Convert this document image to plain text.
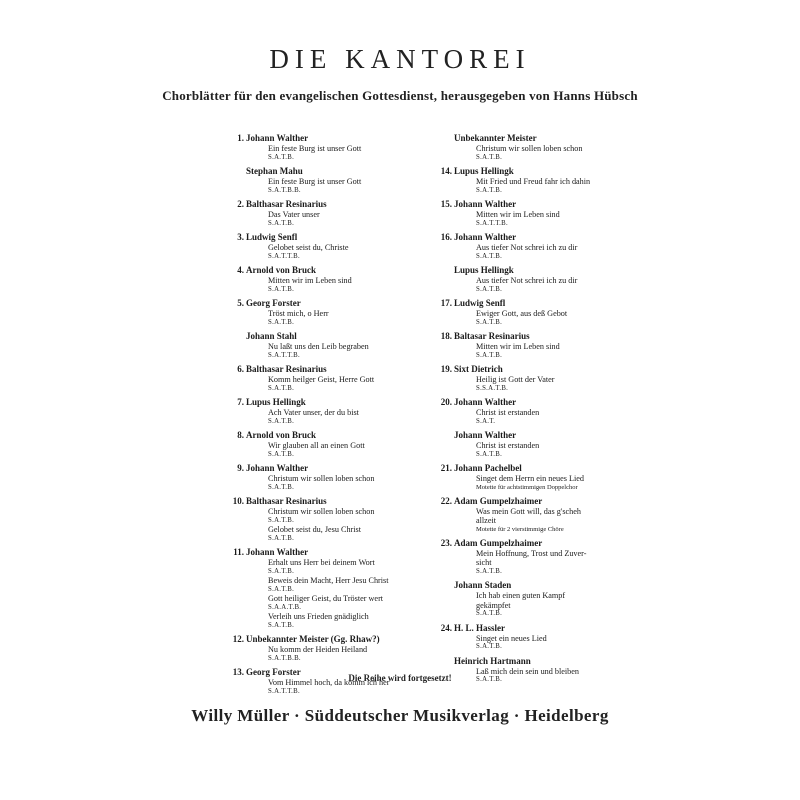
DIE KANTOREI
Chorblätter für den evangelischen Gottesdienst, herausgegeben von Hanns Hübsch
1. Johann Walther
Ein feste Burg ist unser Gott
S.A.T.B.
Stephan Mahu
Ein feste Burg ist unser Gott
S.A.T.B.B.
2. Balthasar Resinarius
Das Vater unser
S.A.T.B.
3. Ludwig Senfl
Gelobet seist du, Christe
S.A.T.T.B.
4. Arnold von Bruck
Mitten wir im Leben sind
S.A.T.B.
5. Georg Forster
Tröst mich, o Herr
S.A.T.B.
Johann Stahl
Nu laßt uns den Leib begraben
S.A.T.T.B.
6. Balthasar Resinarius
Komm heilger Geist, Herre Gott
S.A.T.B.
7. Lupus Hellingk
Ach Vater unser, der du bist
S.A.T.B.
8. Arnold von Bruck
Wir glauben all an einen Gott
S.A.T.B.
9. Johann Walther
Christum wir sollen loben schon
S.A.T.B.
10. Balthasar Resinarius
Christum wir sollen loben schon
S.A.T.B.
Gelobet seist du, Jesu Christ
S.A.T.B.
11. Johann Walther
Erhalt uns Herr bei deinem Wort
S.A.T.B.
Beweis dein Macht, Herr Jesu Christ
S.A.T.B.
Gott heiliger Geist, du Tröster wert
S.A.A.T.B.
Verleih uns Frieden gnädiglich
S.A.T.B.
12. Unbekannter Meister (Gg. Rhaw?)
Nu komm der Heiden Heiland
S.A.T.B.B.
13. Georg Forster
Vom Himmel hoch, da komm ich her
S.A.T.T.B.
Unbekannter Meister
Christum wir sollen loben schon
S.A.T.B.
14. Lupus Hellingk
Mit Fried und Freud fahr ich dahin
S.A.T.B.
15. Johann Walther
Mitten wir im Leben sind
S.A.T.T.B.
16. Johann Walther
Aus tiefer Not schrei ich zu dir
S.A.T.B.
Lupus Hellingk
Aus tiefer Not schrei ich zu dir
S.A.T.B.
17. Ludwig Senfl
Ewiger Gott, aus deß Gebot
S.A.T.B.
18. Baltasar Resinarius
Mitten wir im Leben sind
S.A.T.B.
19. Sixt Dietrich
Heilig ist Gott der Vater
S.S.A.T.B.
20. Johann Walther
Christ ist erstanden
S.A.T.
Johann Walther
Christ ist erstanden
S.A.T.B.
21. Johann Pachelbel
Singet dem Herrn ein neues Lied
Motette für achtstimmigen Doppelchor
22. Adam Gumpelzhaimer
Was mein Gott will, das g'scheh
allzeit
Motette für 2 vierstimmige Chöre
23. Adam Gumpelzhaimer
Mein Hoffnung, Trost und Zuver-
sicht
S.A.T.B.
Johann Staden
Ich hab einen guten Kampf
gekämpfet
S.A.T.B.
24. H. L. Hassler
Singet ein neues Lied
S.A.T.B.
Heinrich Hartmann
Laß mich dein sein und bleiben
S.A.T.B.
Die Reihe wird fortgesetzt!
Willy Müller · Süddeutscher Musikverlag · Heidelberg
